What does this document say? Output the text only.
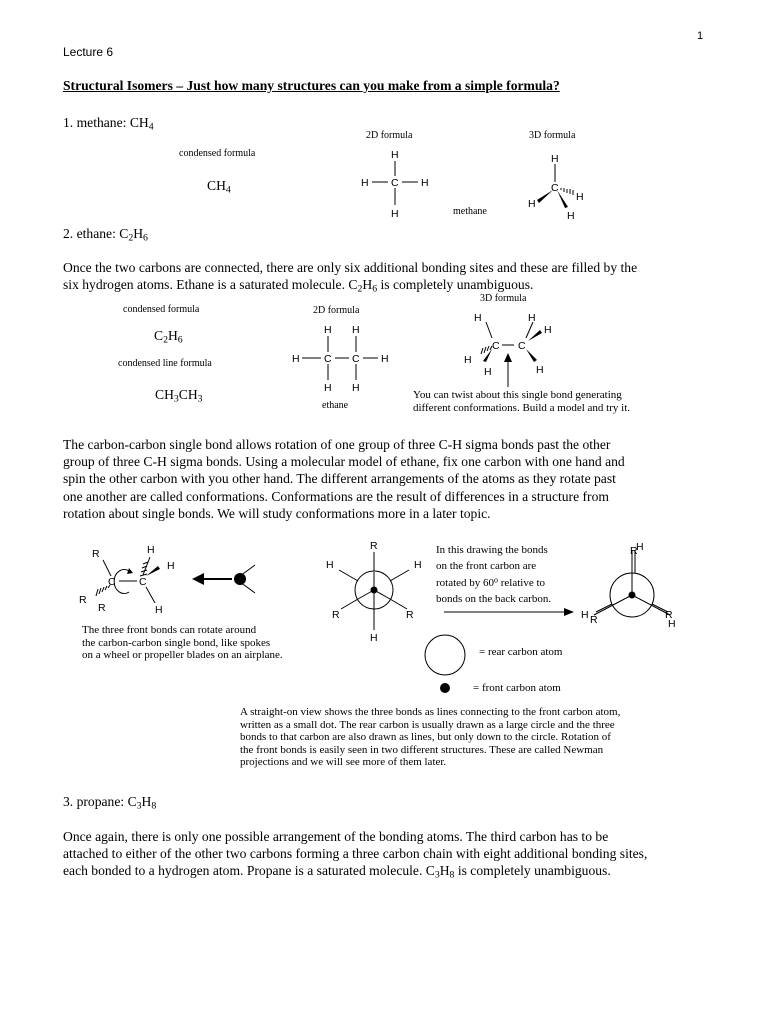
1
Lecture 6
Structural Isomers – Just how many structures can you make from a simple formula?
1. methane: $CH_4$
condensed formula
$CH_4$
2D formula	3D formula
methane
H
C
H	H
H
H
C
H
H
H
2. ethane: $C_2H_6$
Once the two carbons are connected, there are only six additional bonding sites and these are filled by the
six hydrogen atoms. Ethane is a saturated molecule. $C_2H_6$ is completely unambiguous.
condensed formula
$C_2H_6$
condensed line formula
$CH_3CH_3$
2D formula
3D formula
ethane
H H
C C
H	H
H H
H	H
H
C C
H
H	H
You can twist about this single bond generating
different conformations. Build a model and try it.
The carbon-carbon single bond allows rotation of one group of three C-H sigma bonds past the other
group of three C-H sigma bonds. Using a molecular model of ethane, fix one carbon with one hand and
spin the other carbon with you other hand. The different arrangements of the atoms as they rotate past
one another are called conformations. Conformations are the result of differences in a structure from
rotation about single bonds. We will study conformations more in a later topic.
R	H
H
C C
R
R	H
The three front bonds can rotate around
the carbon-carbon single bond, like spokes
on a wheel or propeller blades on an airplane.
R
H	H
R	R
H
In this drawing the bonds
on the front carbon are
rotated by 60$^o$ relative to
bonds on the back carbon.
R
H
H R	R
H
= rear carbon atom
= front carbon atom
A straight-on view shows the three bonds as lines connecting to the front carbon atom,
written as a small dot. The rear carbon is usually drawn as a large circle and the three
bonds to that carbon are also drawn as lines, but only down to the circle. Rotation of
the front bonds is easily seen in two different structures. These are called Newman
projections and we will see more of them later.
3. propane: $C_3H_8$
Once again, there is only one possible arrangement of the bonding atoms. The third carbon has to be
attached to either of the other two carbons forming a three carbon chain with eight additional bonding sites,
each bonded to a hydrogen atom. Propane is a saturated molecule. $C_3H_8$ is completely unambiguous.
